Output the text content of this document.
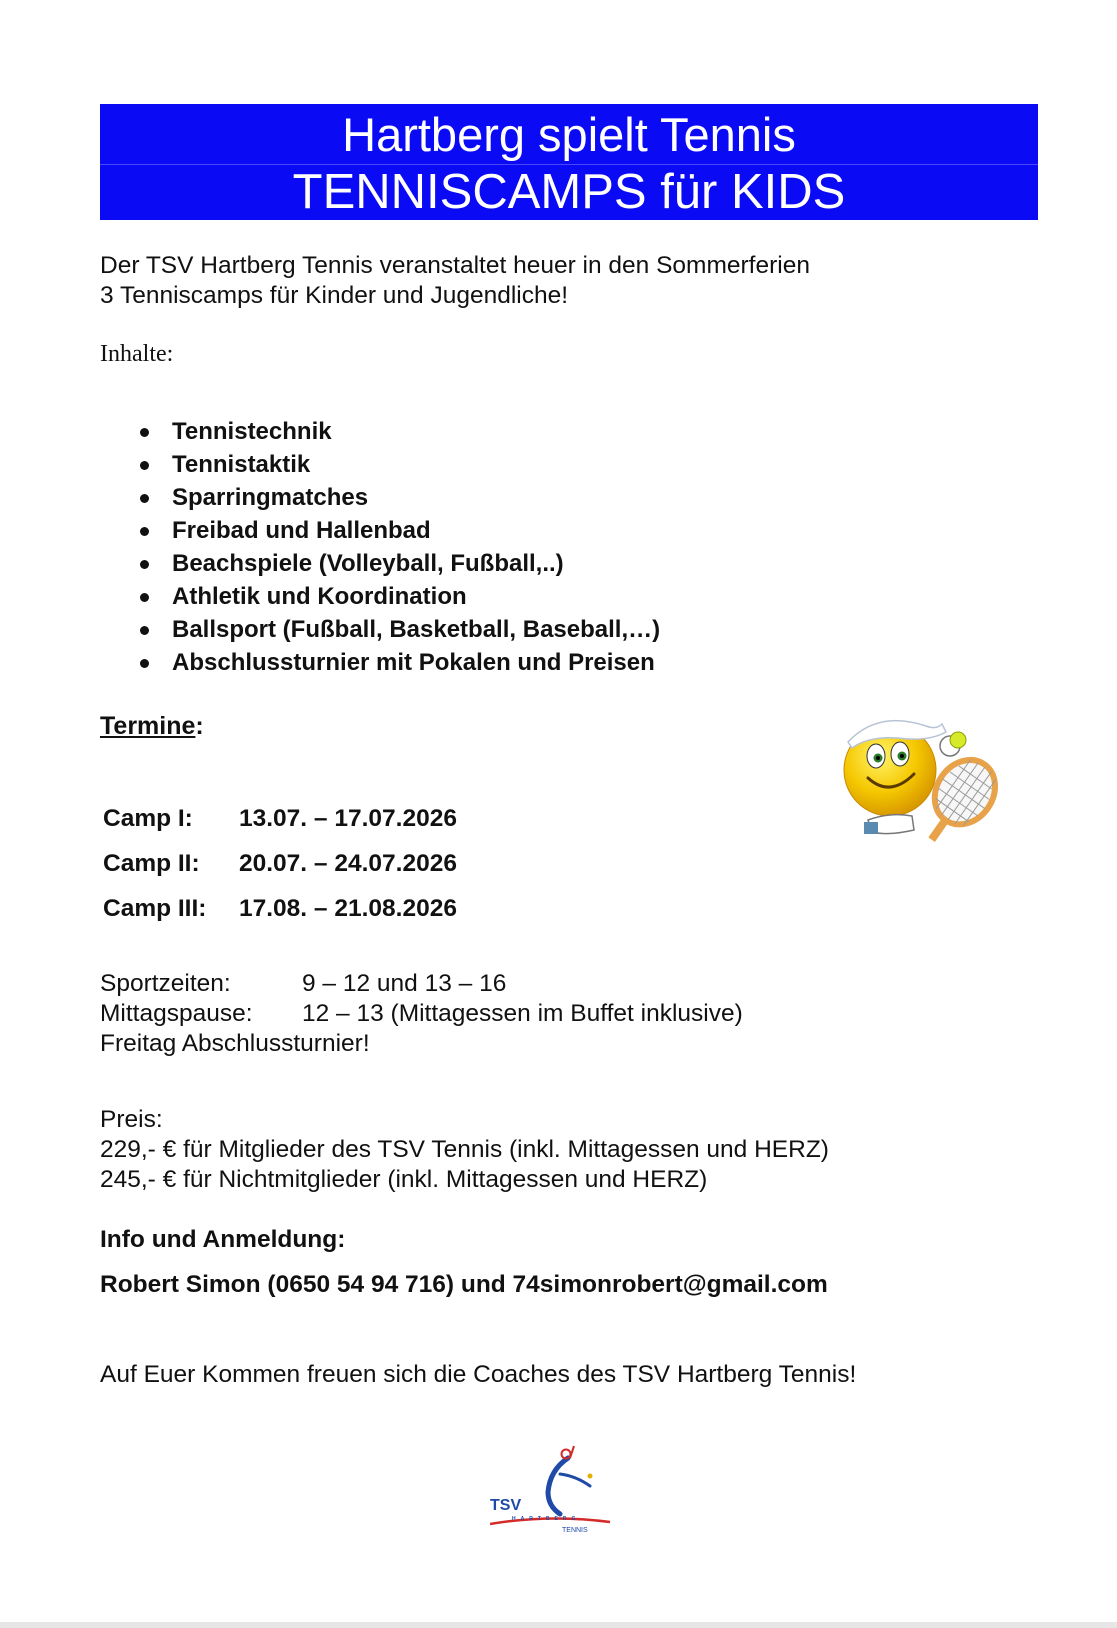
Hartberg spielt Tennis
TENNISCAMPS für KIDS
Der TSV Hartberg Tennis veranstaltet heuer in den Sommerferien
3 Tenniscamps für Kinder und Jugendliche!
Inhalte:
Tennistechnik
Tennistaktik
Sparringmatches
Freibad und Hallenbad
Beachspiele (Volleyball, Fußball,..)
Athletik und Koordination
Ballsport (Fußball, Basketball, Baseball,…)
Abschlussturnier mit Pokalen und Preisen
Termine:
Camp I: 13.07. – 17.07.2026
Camp II: 20.07. – 24.07.2026
Camp III: 17.08. – 21.08.2026
Sportzeiten:	9 – 12 und 13 – 16
Mittagspause: 12 – 13 (Mittagessen im Buffet inklusive)
Freitag Abschlussturnier!
Preis:
229,- € für Mitglieder des TSV Tennis (inkl. Mittagessen und HERZ)
245,- € für Nichtmitglieder (inkl. Mittagessen und HERZ)
Info und Anmeldung:
Robert Simon (0650 54 94 716) und 74simonrobert@gmail.com
Auf Euer Kommen freuen sich die Coaches des TSV Hartberg Tennis!
TSV
HARTBERG
TENNIS
